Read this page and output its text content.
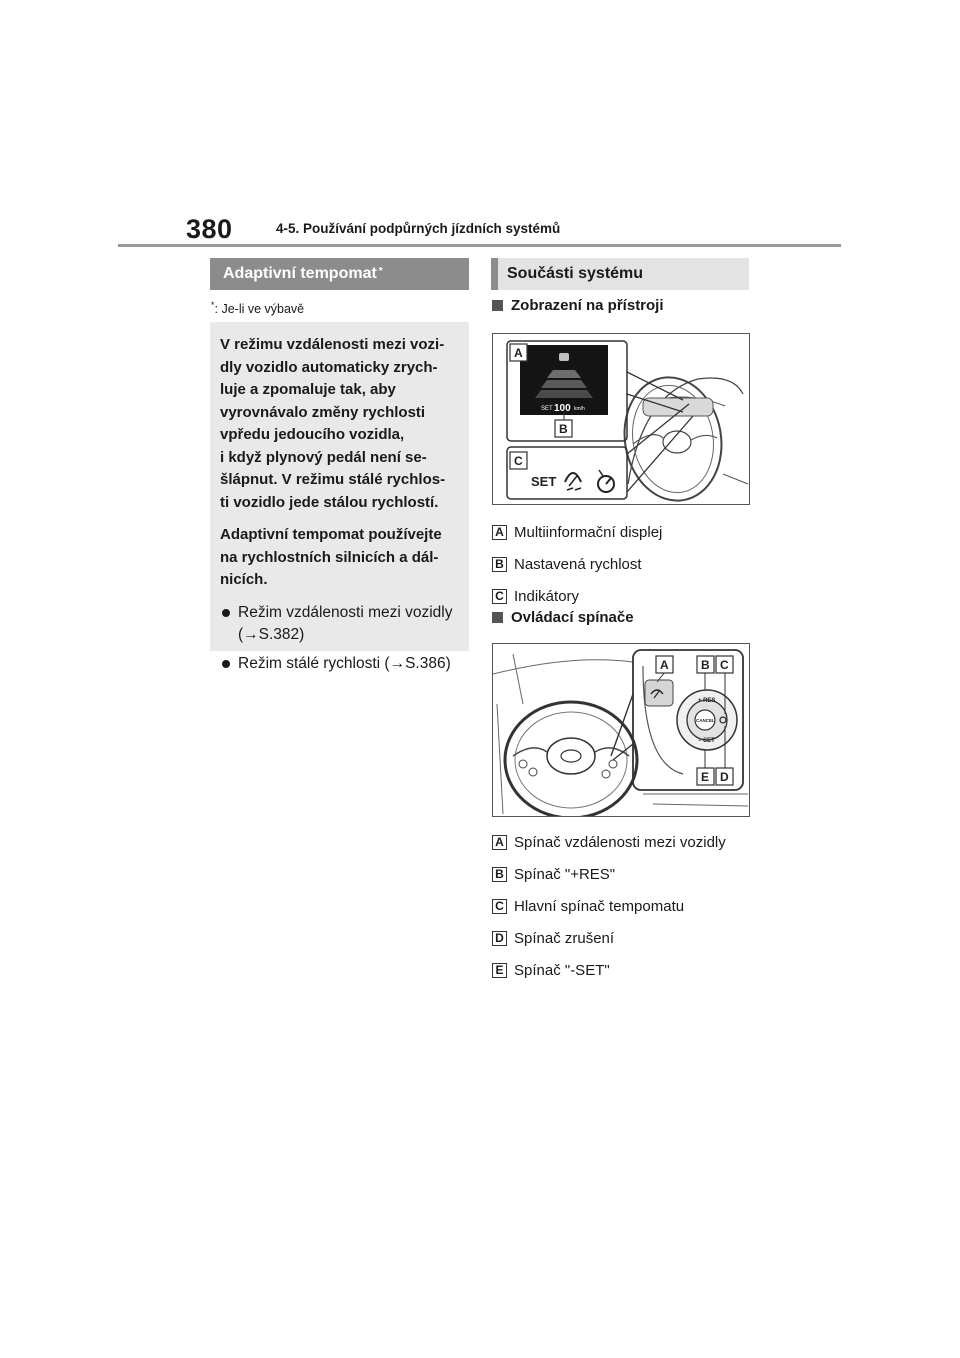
380	4-5. Používání podpůrných jízdních systémů
Adaptivní tempomat*
*: Je-li ve výbavě

V režimu vzdálenosti mezi vozi-
dly vozidlo automaticky zrych-
luje a zpomaluje tak, aby
vyrovnávalo změny rychlosti
vpředu jedoucího vozidla,
i když plynový pedál není se-
šlápnut. V režimu stálé rychlos-
ti vozidlo jede stálou rychlostí.

Adaptivní tempomat používejte
na rychlostních silnicích a dál-
nicích.

Režim vzdálenosti mezi vozidly
(→S.382)
Režim stálé rychlosti (→S.386)
Součásti systému
Zobrazení na přístroji
SET 100 km/h
A
B
C
SET
A Multiinformační displej
B Nastavená rychlost
C Indikátory
Ovládací spínače
+ RES
CANCEL
− SET
A	B C
E D
A Spínač vzdálenosti mezi vozidly
B Spínač "+RES"
C Hlavní spínač tempomatu
D Spínač zrušení
E Spínač "-SET"
